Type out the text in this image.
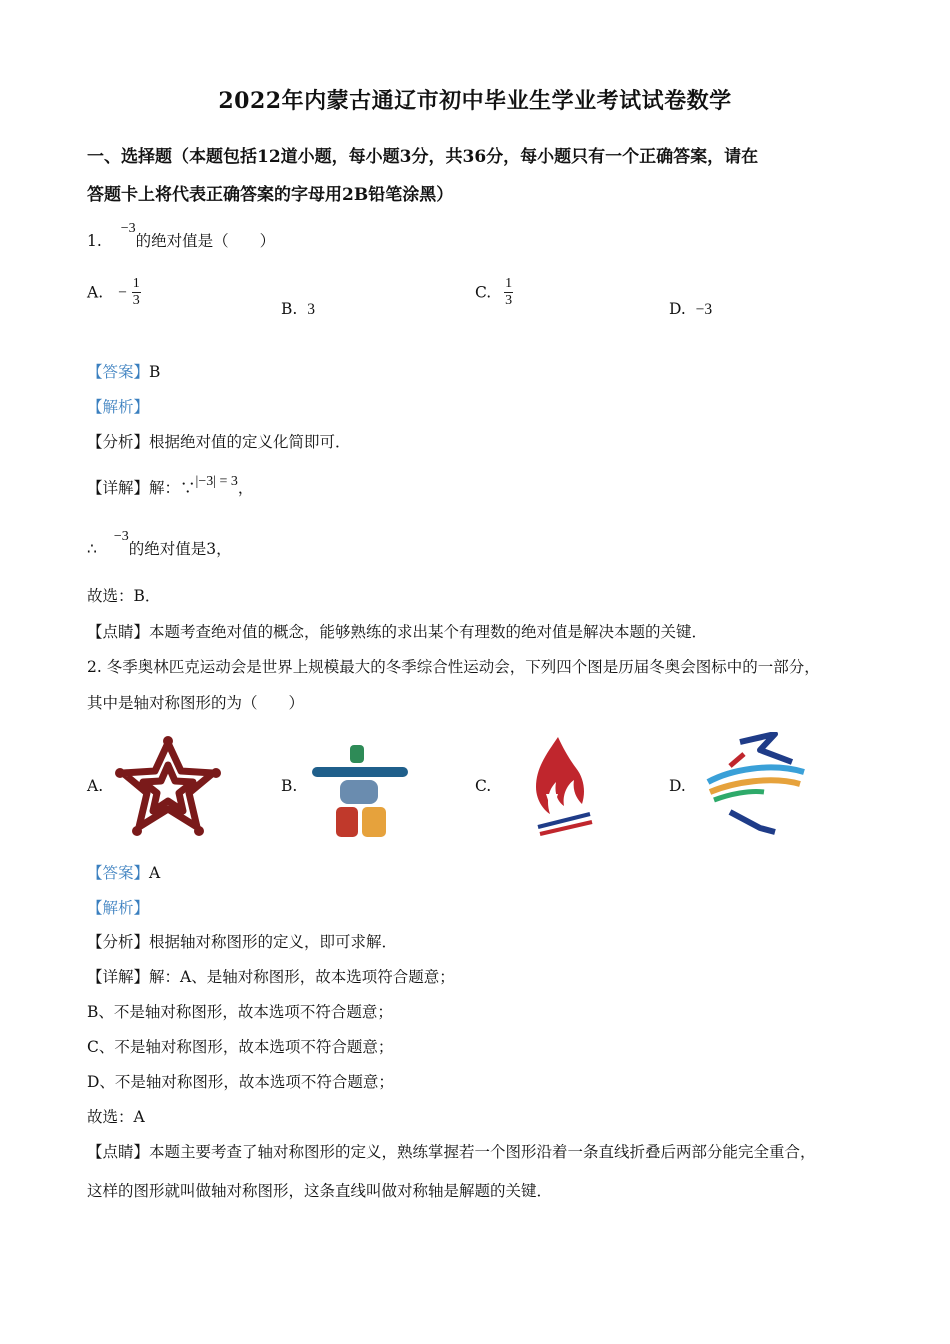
2022年内蒙古通辽市初中毕业生学业考试试卷数学
一、选择题（本题包括12道小题，每小题3分，共36分，每小题只有一个正确答案，请在
答题卡上将代表正确答案的字母用2B铅笔涂黑）
1. −3的绝对值是（　　）
A. − $\frac{1}{3}$	B. 3
C. $\frac{1}{3}$	D. −3
【答案】B
【解析】
【分析】根据绝对值的定义化简即可．
【详解】解：∵|−3| = 3，
∴ −3的绝对值是3，
故选：B．
【点睛】本题考查绝对值的概念，能够熟练的求出某个有理数的绝对值是解决本题的关键．
2. 冬季奥林匹克运动会是世界上规模最大的冬季综合性运动会，下列四个图是历届冬奥会图标中的一部分，
其中是轴对称图形的为（　　）
A.	B.	C.	D.
【答案】A
【解析】
【分析】根据轴对称图形的定义，即可求解．
【详解】解：A、是轴对称图形，故本选项符合题意；
B、不是轴对称图形，故本选项不符合题意；
C、不是轴对称图形，故本选项不符合题意；
D、不是轴对称图形，故本选项不符合题意；
故选：A
【点睛】本题主要考查了轴对称图形的定义，熟练掌握若一个图形沿着一条直线折叠后两部分能完全重合，
这样的图形就叫做轴对称图形，这条直线叫做对称轴是解题的关键．
